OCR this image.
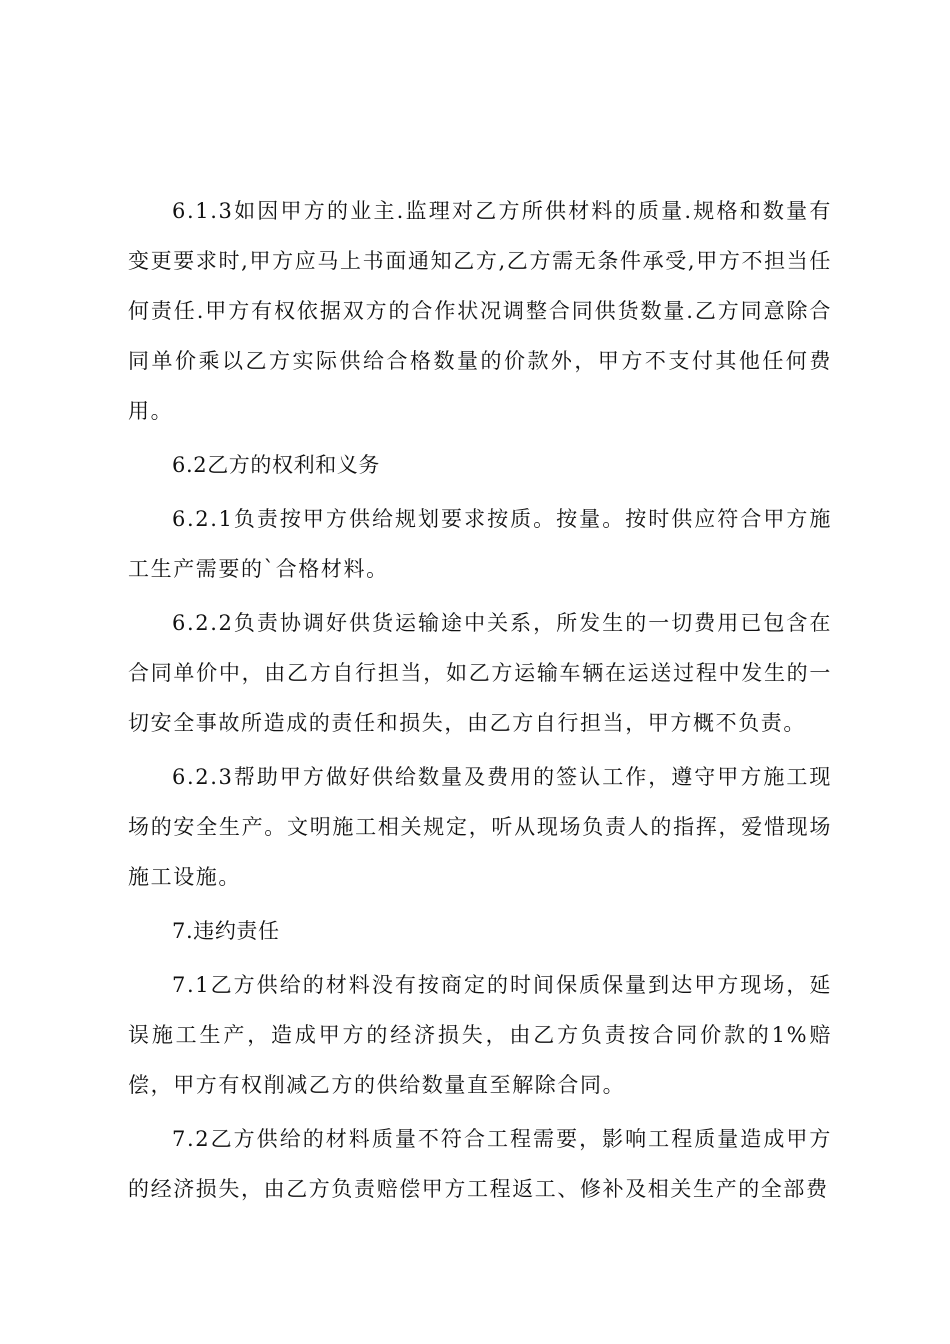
6.1.3如因甲方的业主.监理对乙方所供材料的质量.规格和数量有变更要求时,甲方应马上书面通知乙方,乙方需无条件承受,甲方不担当任何责任.甲方有权依据双方的合作状况调整合同供货数量.乙方同意除合同单价乘以乙方实际供给合格数量的价款外，甲方不支付其他任何费用。

6.2乙方的权利和义务

6.2.1负责按甲方供给规划要求按质。按量。按时供应符合甲方施工生产需要的`合格材料。

6.2.2负责协调好供货运输途中关系，所发生的一切费用已包含在合同单价中，由乙方自行担当，如乙方运输车辆在运送过程中发生的一切安全事故所造成的责任和损失，由乙方自行担当，甲方概不负责。

6.2.3帮助甲方做好供给数量及费用的签认工作，遵守甲方施工现场的安全生产。文明施工相关规定，听从现场负责人的指挥，爱惜现场施工设施。

7.违约责任

7.1乙方供给的材料没有按商定的时间保质保量到达甲方现场，延误施工生产，造成甲方的经济损失，由乙方负责按合同价款的1%赔偿，甲方有权削减乙方的供给数量直至解除合同。

7.2乙方供给的材料质量不符合工程需要，影响工程质量造成甲方的经济损失，由乙方负责赔偿甲方工程返工、修补及相关生产的全部费
